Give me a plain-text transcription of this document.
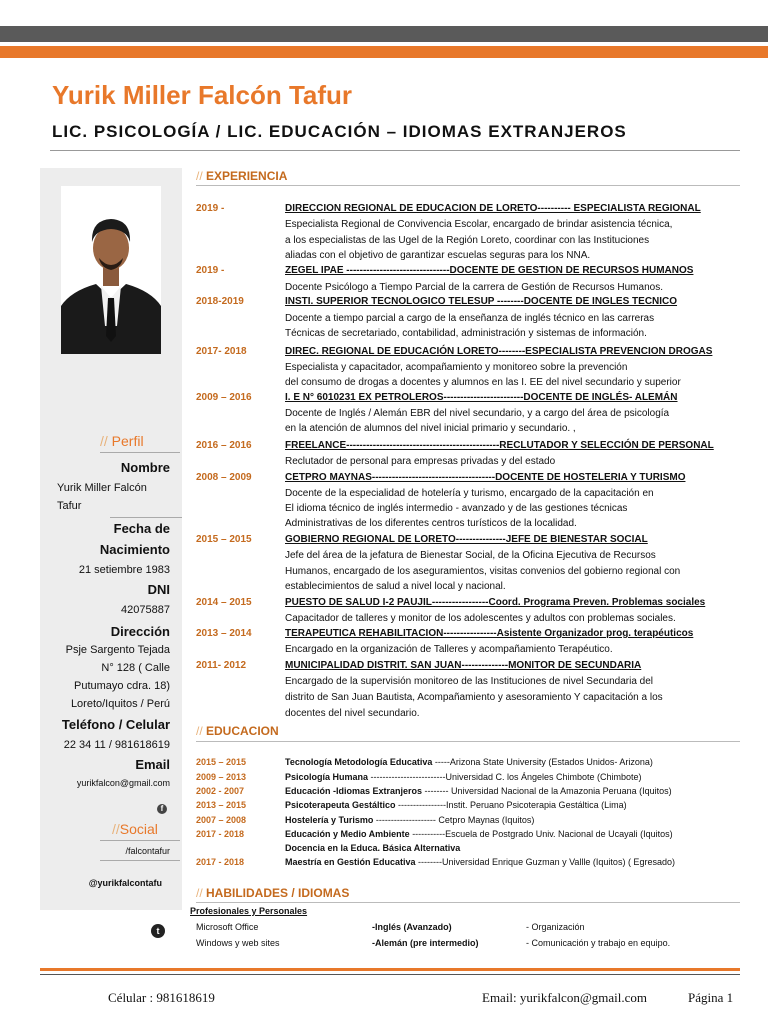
Yurik Miller Falcón Tafur
LIC. PSICOLOGÍA / LIC. EDUCACIÓN – IDIOMAS EXTRANJEROS
// Perfil
Nombre
Yurik Miller Falcón
Tafur
Fecha de
Nacimiento
21 setiembre 1983
DNI
42075887
Dirección
Psje Sargento Tejada
N° 128 ( Calle
Putumayo cdra. 18)
Loreto/Iquitos / Perú
Teléfono / Celular
22 34 11 / 981618619
Email
yurikfalcon@gmail.com
f
//Social
/falcontafur
@yurikfalcontafu
t
// EXPERIENCIA
2019 -	DIRECCION REGIONAL DE EDUCACION DE LORETO---------- ESPECIALISTA REGIONAL
Especialista Regional de Convivencia Escolar, encargado de brindar asistencia técnica,
a los especialistas de las Ugel de la Región Loreto, coordinar con las Instituciones
aliadas con el objetivo de garantizar escuelas seguras para los NNA.
2019 -	ZEGEL IPAE -------------------------------DOCENTE DE GESTION DE RECURSOS HUMANOS
Docente Psicólogo a Tiempo Parcial de la carrera de Gestión de Recursos Humanos.
2018-2019	INSTI. SUPERIOR TECNOLOGICO TELESUP --------DOCENTE DE INGLES TECNICO
Docente a tiempo parcial a cargo de la enseñanza de inglés técnico en las carreras
Técnicas de secretariado, contabilidad, administración y sistemas de información.
2017- 2018	DIREC. REGIONAL DE EDUCACIÓN LORETO--------ESPECIALISTA PREVENCION DROGAS
Especialista y capacitador, acompañamiento y monitoreo sobre la prevención
del consumo de drogas a docentes y alumnos en las I. EE del nivel secundario y superior
2009 – 2016	I. E N° 6010231 EX PETROLEROS------------------------DOCENTE DE INGLÉS- ALEMÁN
Docente de Inglés / Alemán EBR del nivel secundario, y a cargo del área de psicología
en la atención de alumnos del nivel inicial primario y secundario. ,
2016 – 2016	FREELANCE----------------------------------------------RECLUTADOR Y SELECCIÓN DE PERSONAL
Reclutador de personal para empresas privadas y del estado
2008 – 2009	CETPRO MAYNAS-------------------------------------DOCENTE DE HOSTELERIA Y TURISMO
Docente de la especialidad de hotelería y turismo, encargado de la capacitación en
El idioma técnico de inglés intermedio - avanzado y de las gestiones técnicas
Administrativas de los diferentes centros turísticos de la localidad.
2015 – 2015	GOBIERNO REGIONAL DE LORETO---------------JEFE DE BIENESTAR SOCIAL
Jefe del área de la jefatura de Bienestar Social, de la Oficina Ejecutiva de Recursos
Humanos, encargado de los aseguramientos, visitas convenios del gobierno regional con
establecimientos de salud a nivel local y nacional.
2014 – 2015	PUESTO DE SALUD I-2 PAUJIL-----------------Coord. Programa Preven. Problemas sociales
Capacitador de talleres y monitor de los adolescentes y adultos con problemas sociales.
2013 – 2014	TERAPEUTICA REHABILITACION----------------Asistente Organizador prog. terapéuticos
Encargado en la organización de Talleres y acompañamiento Terapéutico.
2011- 2012	MUNICIPALIDAD DISTRIT. SAN JUAN--------------MONITOR DE SECUNDARIA
Encargado de la supervisión monitoreo de las Instituciones de nivel Secundaria del
distrito de San Juan Bautista, Acompañamiento y asesoramiento Y capacitación a los
docentes del nivel secundario.
// EDUCACION
2015 – 2015	Tecnología Metodología Educativa -----Arizona State University (Estados Unidos- Arizona)
2009 – 2013	Psicología Humana -------------------------Universidad C. los Ángeles Chimbote (Chimbote)
2002 - 2007	Educación -Idiomas Extranjeros -------- Universidad Nacional de la Amazonia Peruana (Iquitos)
2013 – 2015	Psicoterapeuta Gestáltico ----------------Instit. Peruano Psicoterapia Gestáltica (Lima)
2007 – 2008	Hostelería y Turismo -------------------- Cetpro Maynas (Iquitos)
2017 - 2018	Educación y Medio Ambiente -----------Escuela de Postgrado Univ. Nacional de Ucayali (Iquitos)
Docencia en la Educa. Básica Alternativa
2017 - 2018	Maestría en Gestión Educativa --------Universidad Enrique Guzman y Vallle (Iquitos) ( Egresado)
// HABILIDADES / IDIOMAS
Profesionales y Personales
Microsoft Office
Windows y web sites
-Inglés (Avanzado)
-Alemán (pre intermedio)
- Organización
- Comunicación y trabajo en equipo.
Célular : 981618619	Email: yurikfalcon@gmail.com	Página 1
